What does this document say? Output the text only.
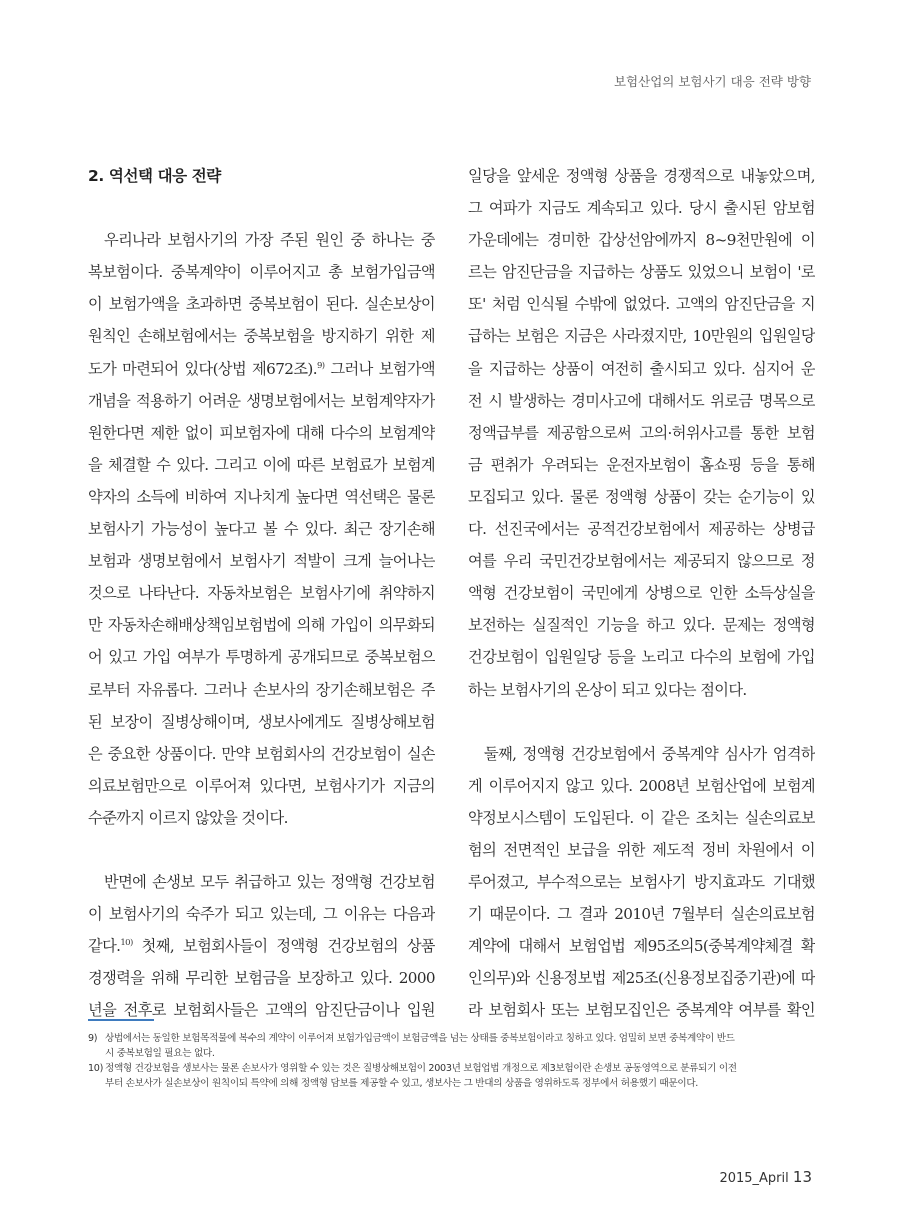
보험산업의 보험사기 대응 전략 방향
2. 역선택 대응 전략
우리나라 보험사기의 가장 주된 원인 중 하나는 중
복보험이다. 중복계약이 이루어지고 총 보험가입금액
이 보험가액을 초과하면 중복보험이 된다. 실손보상이
원칙인 손해보험에서는 중복보험을 방지하기 위한 제
도가 마련되어 있다(상법 제672조).$^{9)}$ 그러나 보험가액
개념을 적용하기 어려운 생명보험에서는 보험계약자가
원한다면 제한 없이 피보험자에 대해 다수의 보험계약
을 체결할 수 있다. 그리고 이에 따른 보험료가 보험계
약자의 소득에 비하여 지나치게 높다면 역선택은 물론
보험사기 가능성이 높다고 볼 수 있다. 최근 장기손해
보험과 생명보험에서 보험사기 적발이 크게 늘어나는
것으로 나타난다. 자동차보험은 보험사기에 취약하지
만 자동차손해배상책임보험법에 의해 가입이 의무화되
어 있고 가입 여부가 투명하게 공개되므로 중복보험으
로부터 자유롭다. 그러나 손보사의 장기손해보험은 주
된 보장이 질병상해이며, 생보사에게도 질병상해보험
은 중요한 상품이다. 만약 보험회사의 건강보험이 실손
의료보험만으로 이루어져 있다면, 보험사기가 지금의
수준까지 이르지 않았을 것이다.
반면에 손생보 모두 취급하고 있는 정액형 건강보험
이 보험사기의 숙주가 되고 있는데, 그 이유는 다음과
같다.$^{10)}$ 첫째, 보험회사들이 정액형 건강보험의 상품
경쟁력을 위해 무리한 보험금을 보장하고 있다. 2000
년을 전후로 보험회사들은 고액의 암진단금이나 입원
일당을 앞세운 정액형 상품을 경쟁적으로 내놓았으며,
그 여파가 지금도 계속되고 있다. 당시 출시된 암보험
가운데에는 경미한 갑상선암에까지 8~9천만원에 이
르는 암진단금을 지급하는 상품도 있었으니 보험이 '로
또' 처럼 인식될 수밖에 없었다. 고액의 암진단금을 지
급하는 보험은 지금은 사라졌지만, 10만원의 입원일당
을 지급하는 상품이 여전히 출시되고 있다. 심지어 운
전 시 발생하는 경미사고에 대해서도 위로금 명목으로
정액급부를 제공함으로써 고의·허위사고를 통한 보험
금 편취가 우려되는 운전자보험이 홈쇼핑 등을 통해
모집되고 있다. 물론 정액형 상품이 갖는 순기능이 있
다. 선진국에서는 공적건강보험에서 제공하는 상병급
여를 우리 국민건강보험에서는 제공되지 않으므로 정
액형 건강보험이 국민에게 상병으로 인한 소득상실을
보전하는 실질적인 기능을 하고 있다. 문제는 정액형
건강보험이 입원일당 등을 노리고 다수의 보험에 가입
하는 보험사기의 온상이 되고 있다는 점이다.
둘째, 정액형 건강보험에서 중복계약 심사가 엄격하
게 이루어지지 않고 있다. 2008년 보험산업에 보험계
약정보시스템이 도입된다. 이 같은 조치는 실손의료보
험의 전면적인 보급을 위한 제도적 정비 차원에서 이
루어졌고, 부수적으로는 보험사기 방지효과도 기대했
기 때문이다. 그 결과 2010년 7월부터 실손의료보험
계약에 대해서 보험업법 제95조의5(중복계약체결 확
인의무)와 신용정보법 제25조(신용정보집중기관)에 따
라 보험회사 또는 보험모집인은 중복계약 여부를 확인
9) 상법에서는 동일한 보험목적물에 복수의 계약이 이루어져 보험가입금액이 보험금액을 넘는 상태를 중복보험이라고 칭하고 있다. 엄밀히 보면 중복계약이 반드
시 중복보험일 필요는 없다.
10) 정액형 건강보험을 생보사는 물론 손보사가 영위할 수 있는 것은 질병상해보험이 2003년 보험업법 개정으로 제3보험이란 손생보 공동영역으로 분류되기 이전
부터 손보사가 실손보상이 원칙이되 특약에 의해 정액형 담보를 제공할 수 있고, 생보사는 그 반대의 상품을 영위하도록 정부에서 허용했기 때문이다.
2015_April 13
